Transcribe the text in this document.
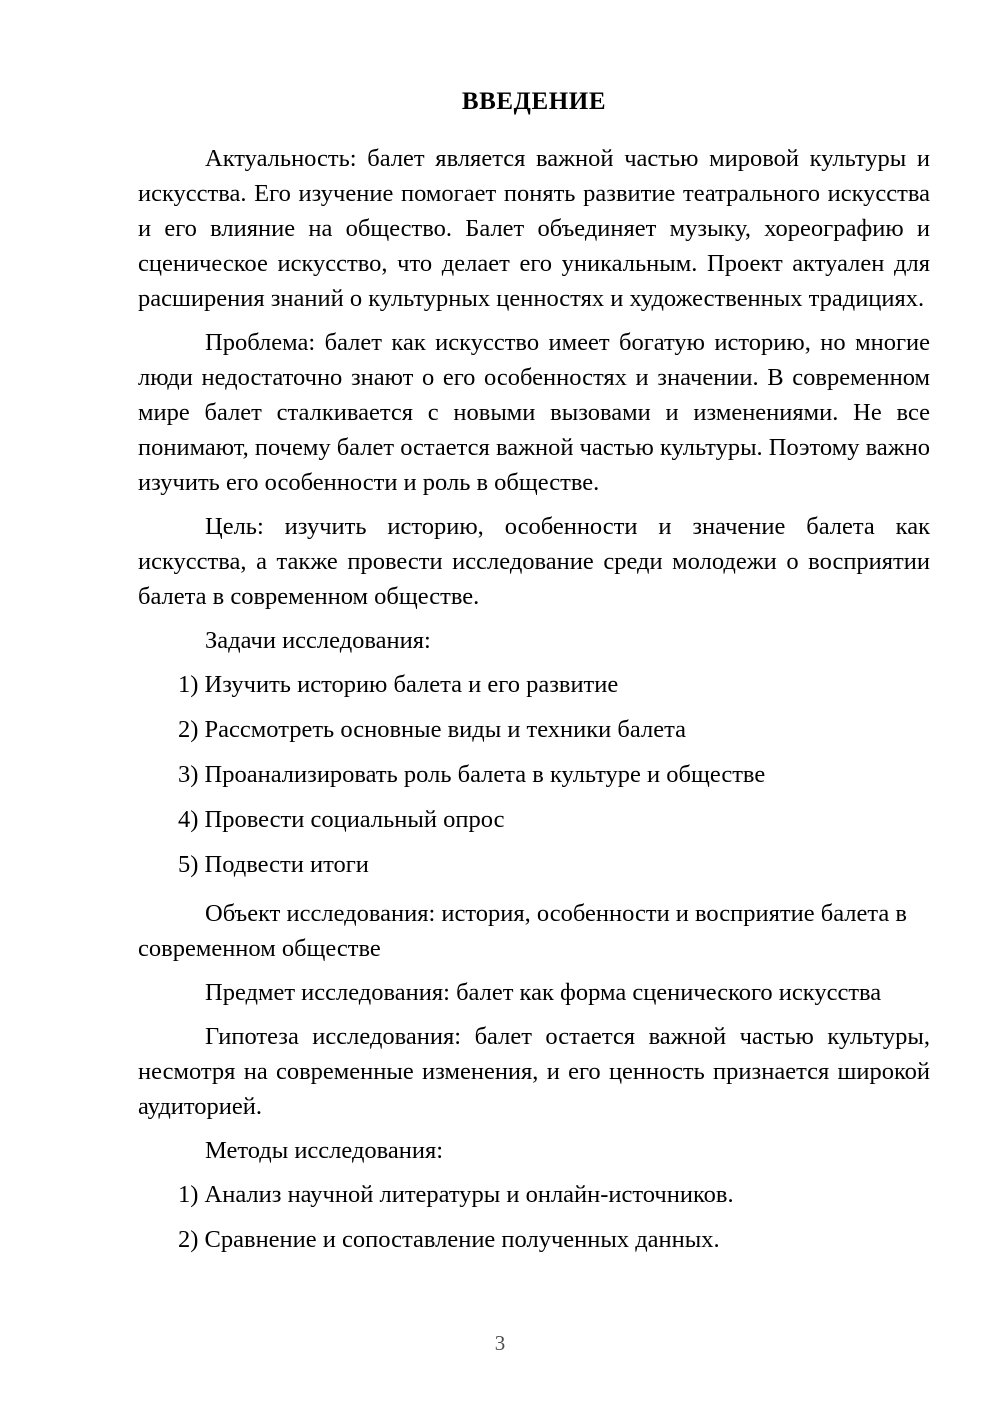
ВВЕДЕНИЕ

Актуальность: балет является важной частью мировой культуры и искусства. Его изучение помогает понять развитие театрального искусства и его влияние на общество. Балет объединяет музыку, хореографию и сценическое искусство, что делает его уникальным. Проект актуален для расширения знаний о культурных ценностях и художественных традициях.

Проблема: балет как искусство имеет богатую историю, но многие люди недостаточно знают о его особенностях и значении. В современном мире балет сталкивается с новыми вызовами и изменениями. Не все понимают, почему балет остается важной частью культуры. Поэтому важно изучить его особенности и роль в обществе.

Цель: изучить историю, особенности и значение балета как искусства, а также провести исследование среди молодежи о восприятии балета в современном обществе.

Задачи исследования:

1) Изучить историю балета и его развитие
2) Рассмотреть основные виды и техники балета
3) Проанализировать роль балета в культуре и обществе
4) Провести социальный опрос
5) Подвести итоги

Объект исследования: история, особенности и восприятие балета в современном обществе

Предмет исследования: балет как форма сценического искусства

Гипотеза исследования: балет остается важной частью культуры, несмотря на современные изменения, и его ценность признается широкой аудиторией.

Методы исследования:

1) Анализ научной литературы и онлайн-источников.
2) Сравнение и сопоставление полученных данных.
3
